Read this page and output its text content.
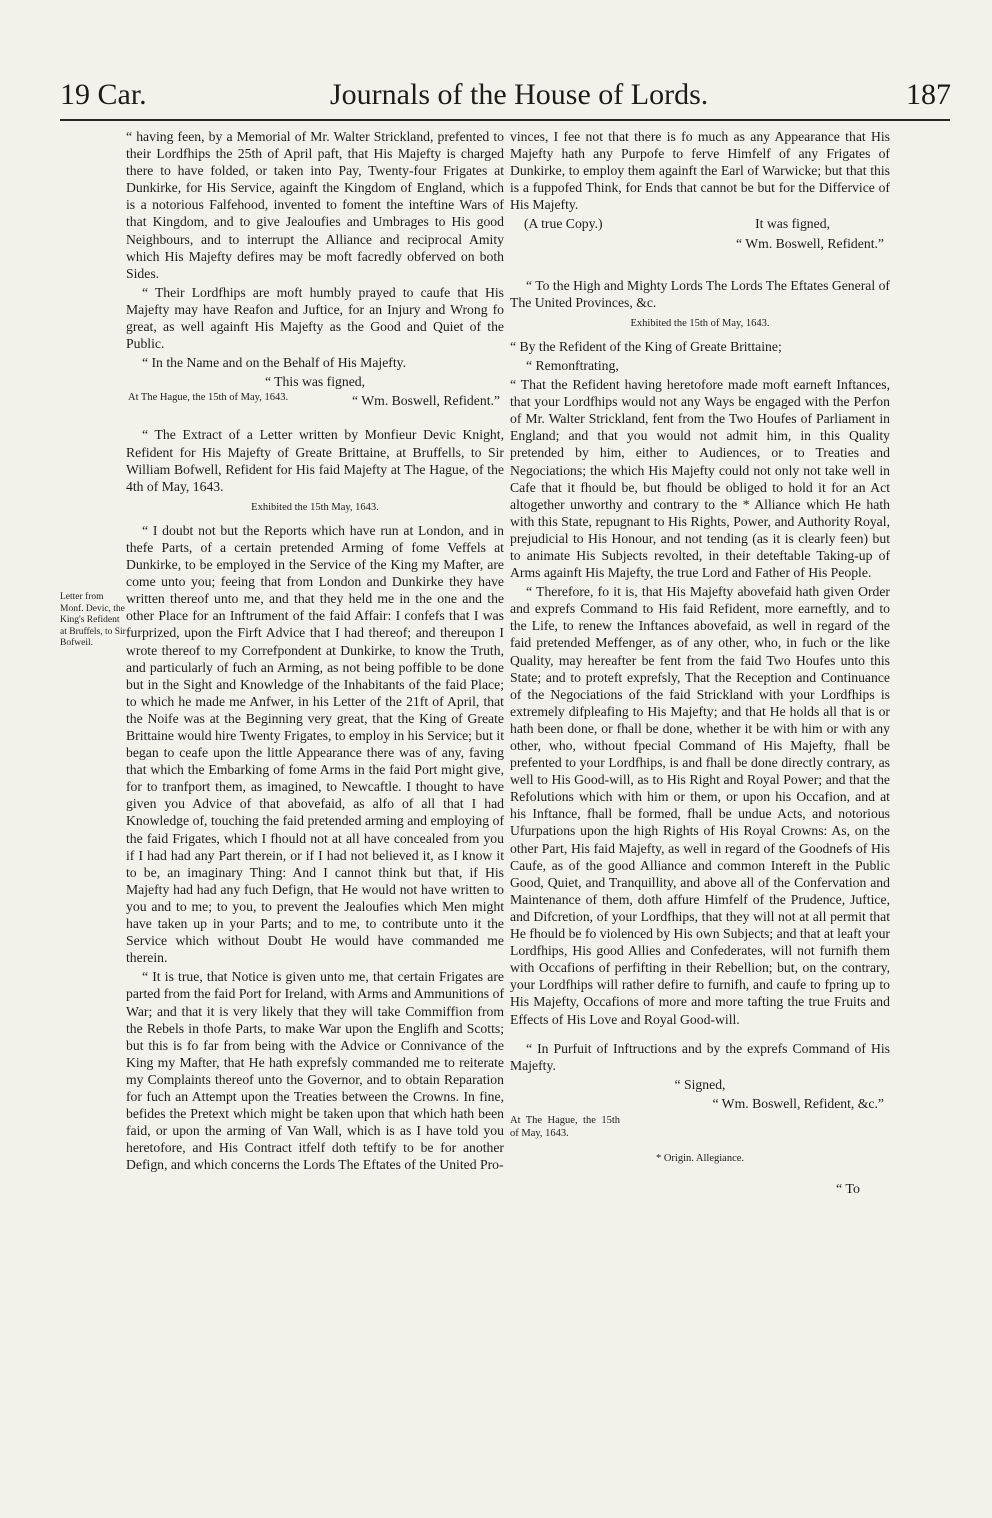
19 Car.	Journals of the House of Lords.	187
Letter from Monf. Devic, the King's Refident at Bruffels, to Sir Bofweil.

“ having feen, by a Memorial of Mr. Walter Strickland, prefented to their Lordfhips the 25th of April paft, that His Majefty is charged there to have folded, or taken into Pay, Twenty-four Frigates at Dunkirke, for His Service, againft the Kingdom of England, which is a notorious Falfehood, invented to foment the inteftine Wars of that Kingdom, and to give Jealoufies and Umbrages to His good Neighbours, and to interrupt the Alliance and reciprocal Amity which His Majefty defires may be moft facredly obferved on both Sides.

“ Their Lordfhips are moft humbly prayed to caufe that His Majefty may have Reafon and Juftice, for an Injury and Wrong fo great, as well againft His Majefty as the Good and Quiet of the Public.

“ In the Name and on the Behalf of His Majefty.

“ This was figned,

At The Hague, the 15th of May, 1643.	“ Wm. Boswell, Refident.”

“ The Extract of a Letter written by Monfieur Devic Knight, Refident for His Majefty of Greate Brittaine, at Bruffells, to Sir William Bofwell, Refident for His faid Majefty at The Hague, of the 4th of May, 1643.

Exhibited the 15th May, 1643.

“ I doubt not but the Reports which have run at London, and in thefe Parts, of a certain pretended Arming of fome Veffels at Dunkirke, to be employed in the Service of the King my Mafter, are come unto you; feeing that from London and Dunkirke they have written thereof unto me, and that they held me in the one and the other Place for an Inftrument of the faid Affair: I confefs that I was furprized, upon the Firft Advice that I had thereof; and thereupon I wrote thereof to my Correfpondent at Dunkirke, to know the Truth, and particularly of fuch an Arming, as not being poffible to be done but in the Sight and Knowledge of the Inhabitants of the faid Place; to which he made me Anfwer, in his Letter of the 21ft of April, that the Noife was at the Beginning very great, that the King of Greate Brittaine would hire Twenty Frigates, to employ in his Service; but it began to ceafe upon the little Appearance there was of any, faving that which the Embarking of fome Arms in the faid Port might give, for to tranfport them, as imagined, to Newcaftle. I thought to have given you Advice of that abovefaid, as alfo of all that I had Knowledge of, touching the faid pretended arming and employing of the faid Frigates, which I fhould not at all have concealed from you if I had had any Part therein, or if I had not believed it, as I know it to be, an imaginary Thing: And I cannot think but that, if His Majefty had had any fuch Defign, that He would not have written to you and to me; to you, to prevent the Jealoufies which Men might have taken up in your Parts; and to me, to contribute unto it the Service which without Doubt He would have commanded me therein.

“ It is true, that Notice is given unto me, that certain Frigates are parted from the faid Port for Ireland, with Arms and Ammunitions of War; and that it is very likely that they will take Commiffion from the Rebels in thofe Parts, to make War upon the Englifh and Scotts; but this is fo far from being with the Advice or Connivance of the King my Mafter, that He hath exprefsly commanded me to reiterate my Complaints thereof unto the Governor, and to obtain Reparation for fuch an Attempt upon the Treaties between the Crowns. In fine, befides the Pretext which might be taken upon that which hath been faid, or upon the arming of Van Wall, which is as I have told you heretofore, and His Contract itfelf doth teftify to be for another Defign, and which concerns the Lords The Eftates of the United Pro-

vinces, I fee not that there is fo much as any Appearance that His Majefty hath any Purpofe to ferve Himfelf of any Frigates of Dunkirke, to employ them againft the Earl of Warwicke; but that this is a fuppofed Think, for Ends that cannot be but for the Differvice of His Majefty.

(A true Copy.)	It was figned,

“ Wm. Boswell, Refident.”

“ To the High and Mighty Lords The Lords The Eftates General of The United Provinces, &c.

Exhibited the 15th of May, 1643.

“ By the Refident of the King of Greate Brittaine;

“ Remonftrating,

“ That the Refident having heretofore made moft earneft Inftances, that your Lordfhips would not any Ways be engaged with the Perfon of Mr. Walter Strickland, fent from the Two Houfes of Parliament in England; and that you would not admit him, in this Quality pretended by him, either to Audiences, or to Treaties and Negociations; the which His Majefty could not only not take well in Cafe that it fhould be, but fhould be obliged to hold it for an Act altogether unworthy and contrary to the * Alliance which He hath with this State, repugnant to His Rights, Power, and Authority Royal, prejudicial to His Honour, and not tending (as it is clearly feen) but to animate His Subjects revolted, in their deteftable Taking-up of Arms againft His Majefty, the true Lord and Father of His People.

“ Therefore, fo it is, that His Majefty abovefaid hath given Order and exprefs Command to His faid Refident, more earneftly, and to the Life, to renew the Inftances abovefaid, as well in regard of the faid pretended Meffenger, as of any other, who, in fuch or the like Quality, may hereafter be fent from the faid Two Houfes unto this State; and to proteft exprefsly, That the Reception and Continuance of the Negociations of the faid Strickland with your Lordfhips is extremely difpleafing to His Majefty; and that He holds all that is or hath been done, or fhall be done, whether it be with him or with any other, who, without fpecial Command of His Majefty, fhall be prefented to your Lordfhips, is and fhall be done directly contrary, as well to His Good-will, as to His Right and Royal Power; and that the Refolutions which with him or them, or upon his Occafion, and at his Inftance, fhall be formed, fhall be undue Acts, and notorious Ufurpations upon the high Rights of His Royal Crowns: As, on the other Part, His faid Majefty, as well in regard of the Goodnefs of His Caufe, as of the good Alliance and common Intereft in the Public Good, Quiet, and Tranquillity, and above all of the Confervation and Maintenance of them, doth affure Himfelf of the Prudence, Juftice, and Difcretion, of your Lordfhips, that they will not at all permit that He fhould be fo violenced by His own Subjects; and that at leaft your Lordfhips, His good Allies and Confederates, will not furnifh them with Occafions of perfifting in their Rebellion; but, on the contrary, your Lordfhips will rather defire to furnifh, and caufe to fpring up to His Majefty, Occafions of more and more tafting the true Fruits and Effects of His Love and Royal Good-will.

“ In Purfuit of Inftructions and by the exprefs Command of His Majefty.

“ Signed,

“ Wm. Boswell, Refident, &c.”

At The Hague, the 15th of May, 1643.

* Origin. Allegiance.

“ To
